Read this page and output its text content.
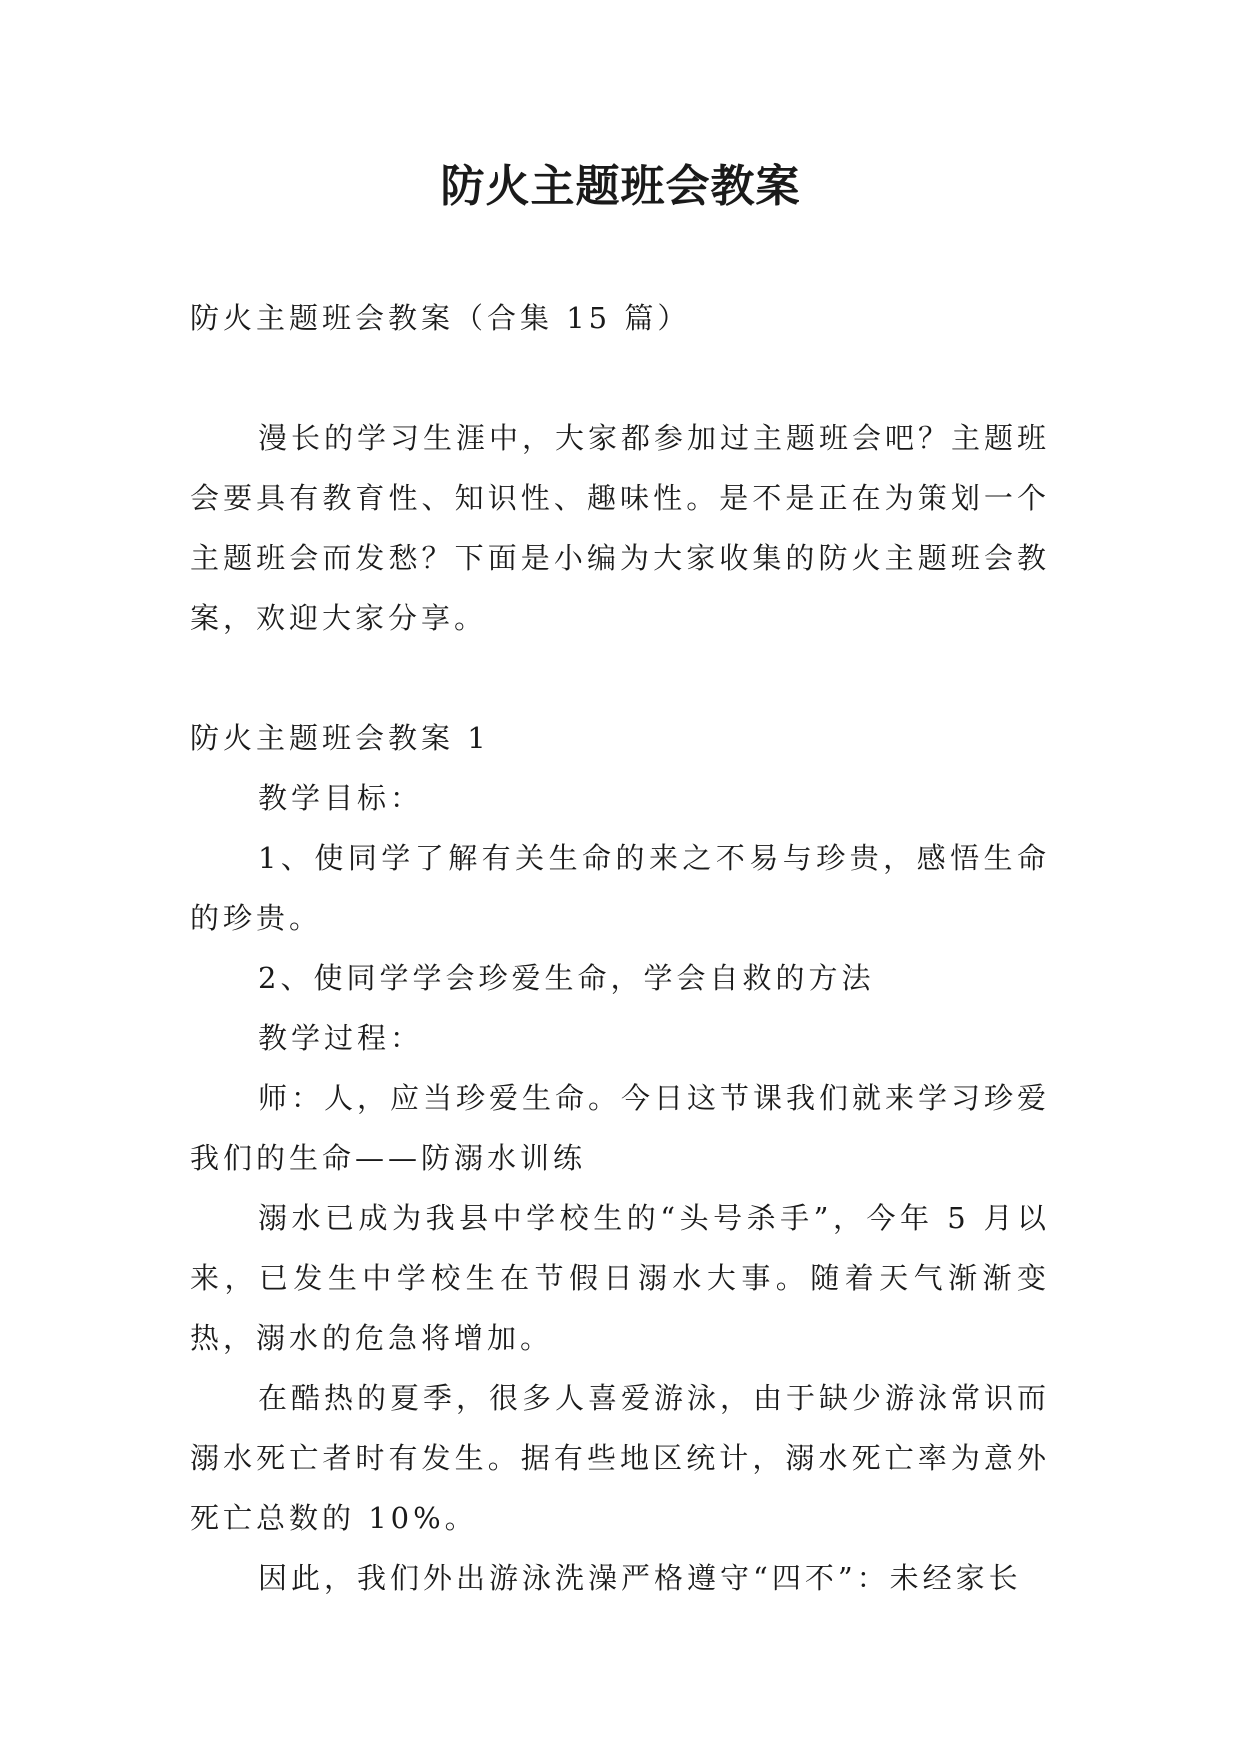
防火主题班会教案

防火主题班会教案（合集 15 篇）

漫长的学习生涯中，大家都参加过主题班会吧？主题班会要具有教育性、知识性、趣味性。是不是正在为策划一个主题班会而发愁？下面是小编为大家收集的防火主题班会教案，欢迎大家分享。

防火主题班会教案 1

教学目标：

1、使同学了解有关生命的来之不易与珍贵，感悟生命的珍贵。

2、使同学学会珍爱生命，学会自救的方法

教学过程：

师：人，应当珍爱生命。今日这节课我们就来学习珍爱我们的生命——防溺水训练

溺水已成为我县中学校生的“头号杀手”，今年 5 月以来，已发生中学校生在节假日溺水大事。随着天气渐渐变热，溺水的危急将增加。

在酷热的夏季，很多人喜爱游泳，由于缺少游泳常识而溺水死亡者时有发生。据有些地区统计，溺水死亡率为意外死亡总数的 10%。

因此，我们外出游泳洗澡严格遵守“四不”：未经家长
